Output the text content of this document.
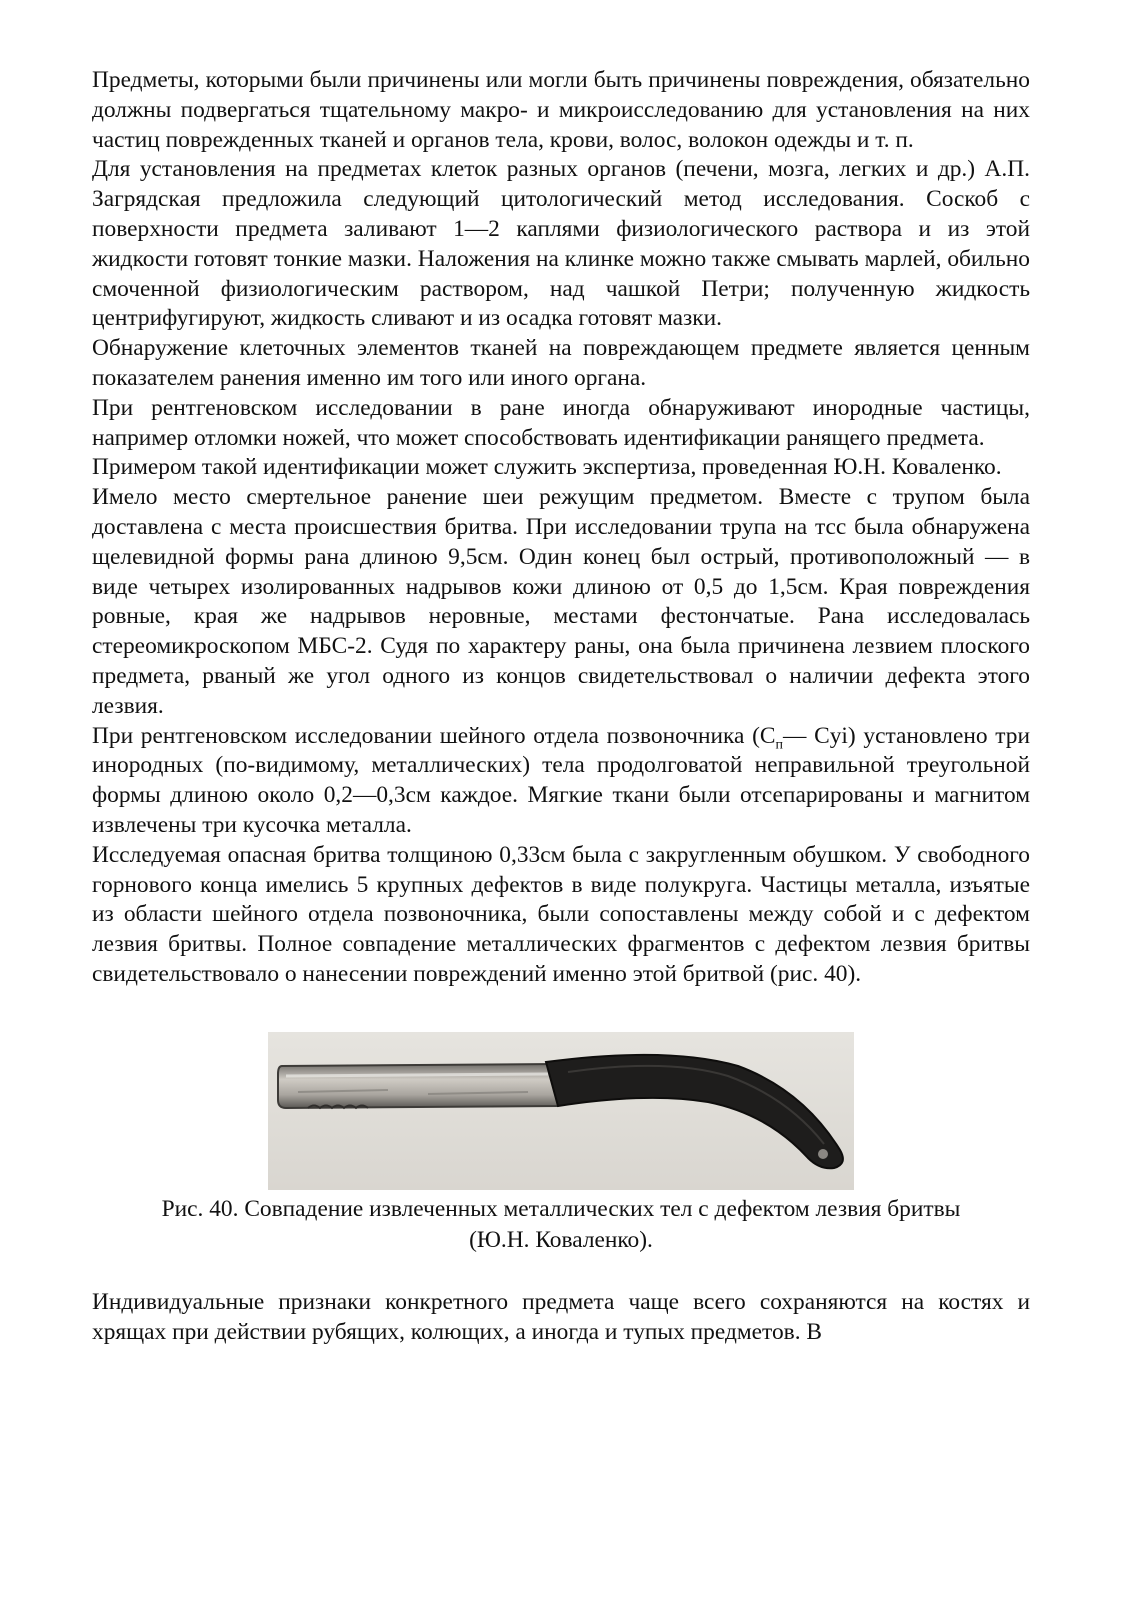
Предметы, которыми были причинены или могли быть причинены повреждения, обязательно должны подвергаться тщательному макро- и микроисследованию для установления на них частиц поврежденных тканей и органов тела, крови, волос, волокон одежды и т. п.

Для установления на предметах клеток разных органов (печени, мозга, легких и др.) А.П. Загрядская предложила следующий цитологический метод исследования. Соскоб с поверхности предмета заливают 1—2 каплями физиологического раствора и из этой жидкости готовят тонкие мазки. Наложения на клинке можно также смывать марлей, обильно смоченной физиологическим раствором, над чашкой Петри; полученную жидкость центрифугируют, жидкость сливают и из осадка готовят мазки.

Обнаружение клеточных элементов тканей на повреждающем предмете является ценным показателем ранения именно им того или иного органа.

При рентгеновском исследовании в ране иногда обнаруживают инородные частицы, например отломки ножей, что может способствовать идентификации ранящего предмета.

Примером такой идентификации может служить экспертиза, проведенная Ю.Н. Коваленко.

Имело место смертельное ранение шеи режущим предметом. Вместе с трупом была доставлена с места происшествия бритва. При исследовании трупа на тсс была обнаружена щелевидной формы рана длиною 9,5см. Один конец был острый, противоположный — в виде четырех изолированных надрывов кожи длиною от 0,5 до 1,5см. Края повреждения ровные, края же надрывов неровные, местами фестончатые. Рана исследовалась стереомикроскопом МБС-2. Судя по характеру раны, она была причинена лезвием плоского предмета, рваный же угол одного из концов свидетельствовал о наличии дефекта этого лезвия.

При рентгеновском исследовании шейного отдела позвоночника ($С_п—$ Cyi) установлено три инородных (по-видимому, металлических) тела продолговатой неправильной треугольной формы длиною около 0,2—0,3см каждое. Мягкие ткани были отсепарированы и магнитом извлечены три кусочка металла.

Исследуемая опасная бритва толщиною 0,33см была с закругленным обушком. У свободного горнового конца имелись 5 крупных дефектов в виде полукруга. Частицы металла, изъятые из области шейного отдела позвоночника, были сопоставлены между собой и с дефектом лезвия бритвы. Полное совпадение металлических фрагментов с дефектом лезвия бритвы свидетельствовало о нанесении повреждений именно этой бритвой (рис. 40).

Рис. 40. Совпадение извлеченных металлических тел с дефектом лезвия бритвы

(Ю.Н. Коваленко).

Индивидуальные признаки конкретного предмета чаще всего сохраняются на костях и хрящах при действии рубящих, колющих, а иногда и тупых предметов. В
